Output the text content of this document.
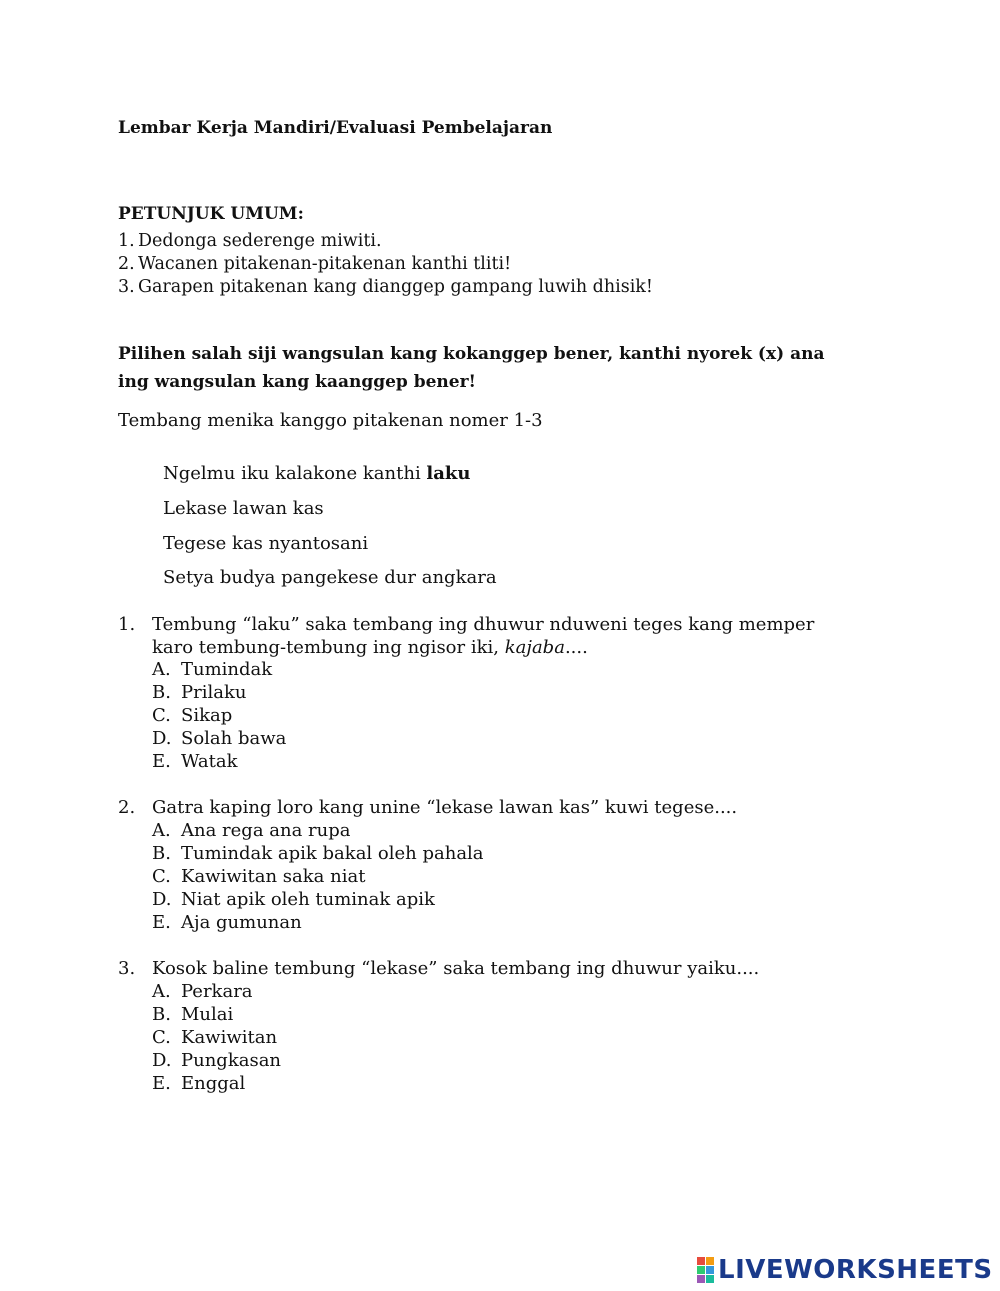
Lembar Kerja Mandiri/Evaluasi Pembelajaran
PETUNJUK UMUM:
1. Dedonga sederenge miwiti.
2. Wacanen pitakenan-pitakenan kanthi tliti!
3. Garapen pitakenan kang dianggep gampang luwih dhisik!
Pilihen salah siji wangsulan kang kokanggep bener, kanthi nyorek (x) ana
ing wangsulan kang kaanggep bener!
Tembang menika kanggo pitakenan nomer 1-3
Ngelmu iku kalakone kanthi laku
Lekase lawan kas
Tegese kas nyantosani
Setya budya pangekese dur angkara
1. Tembung “laku” saka tembang ing dhuwur nduweni teges kang memper
karo tembung-tembung ing ngisor iki, kajaba....
A. Tumindak
B. Prilaku
C. Sikap
D. Solah bawa
E. Watak
2. Gatra kaping loro kang unine “lekase lawan kas” kuwi tegese....
A. Ana rega ana rupa
B. Tumindak apik bakal oleh pahala
C. Kawiwitan saka niat
D. Niat apik oleh tuminak apik
E. Aja gumunan
3. Kosok baline tembung “lekase” saka tembang ing dhuwur yaiku....
A. Perkara
B. Mulai
C. Kawiwitan
D. Pungkasan
E. Enggal
LIVEWORKSHEETS
